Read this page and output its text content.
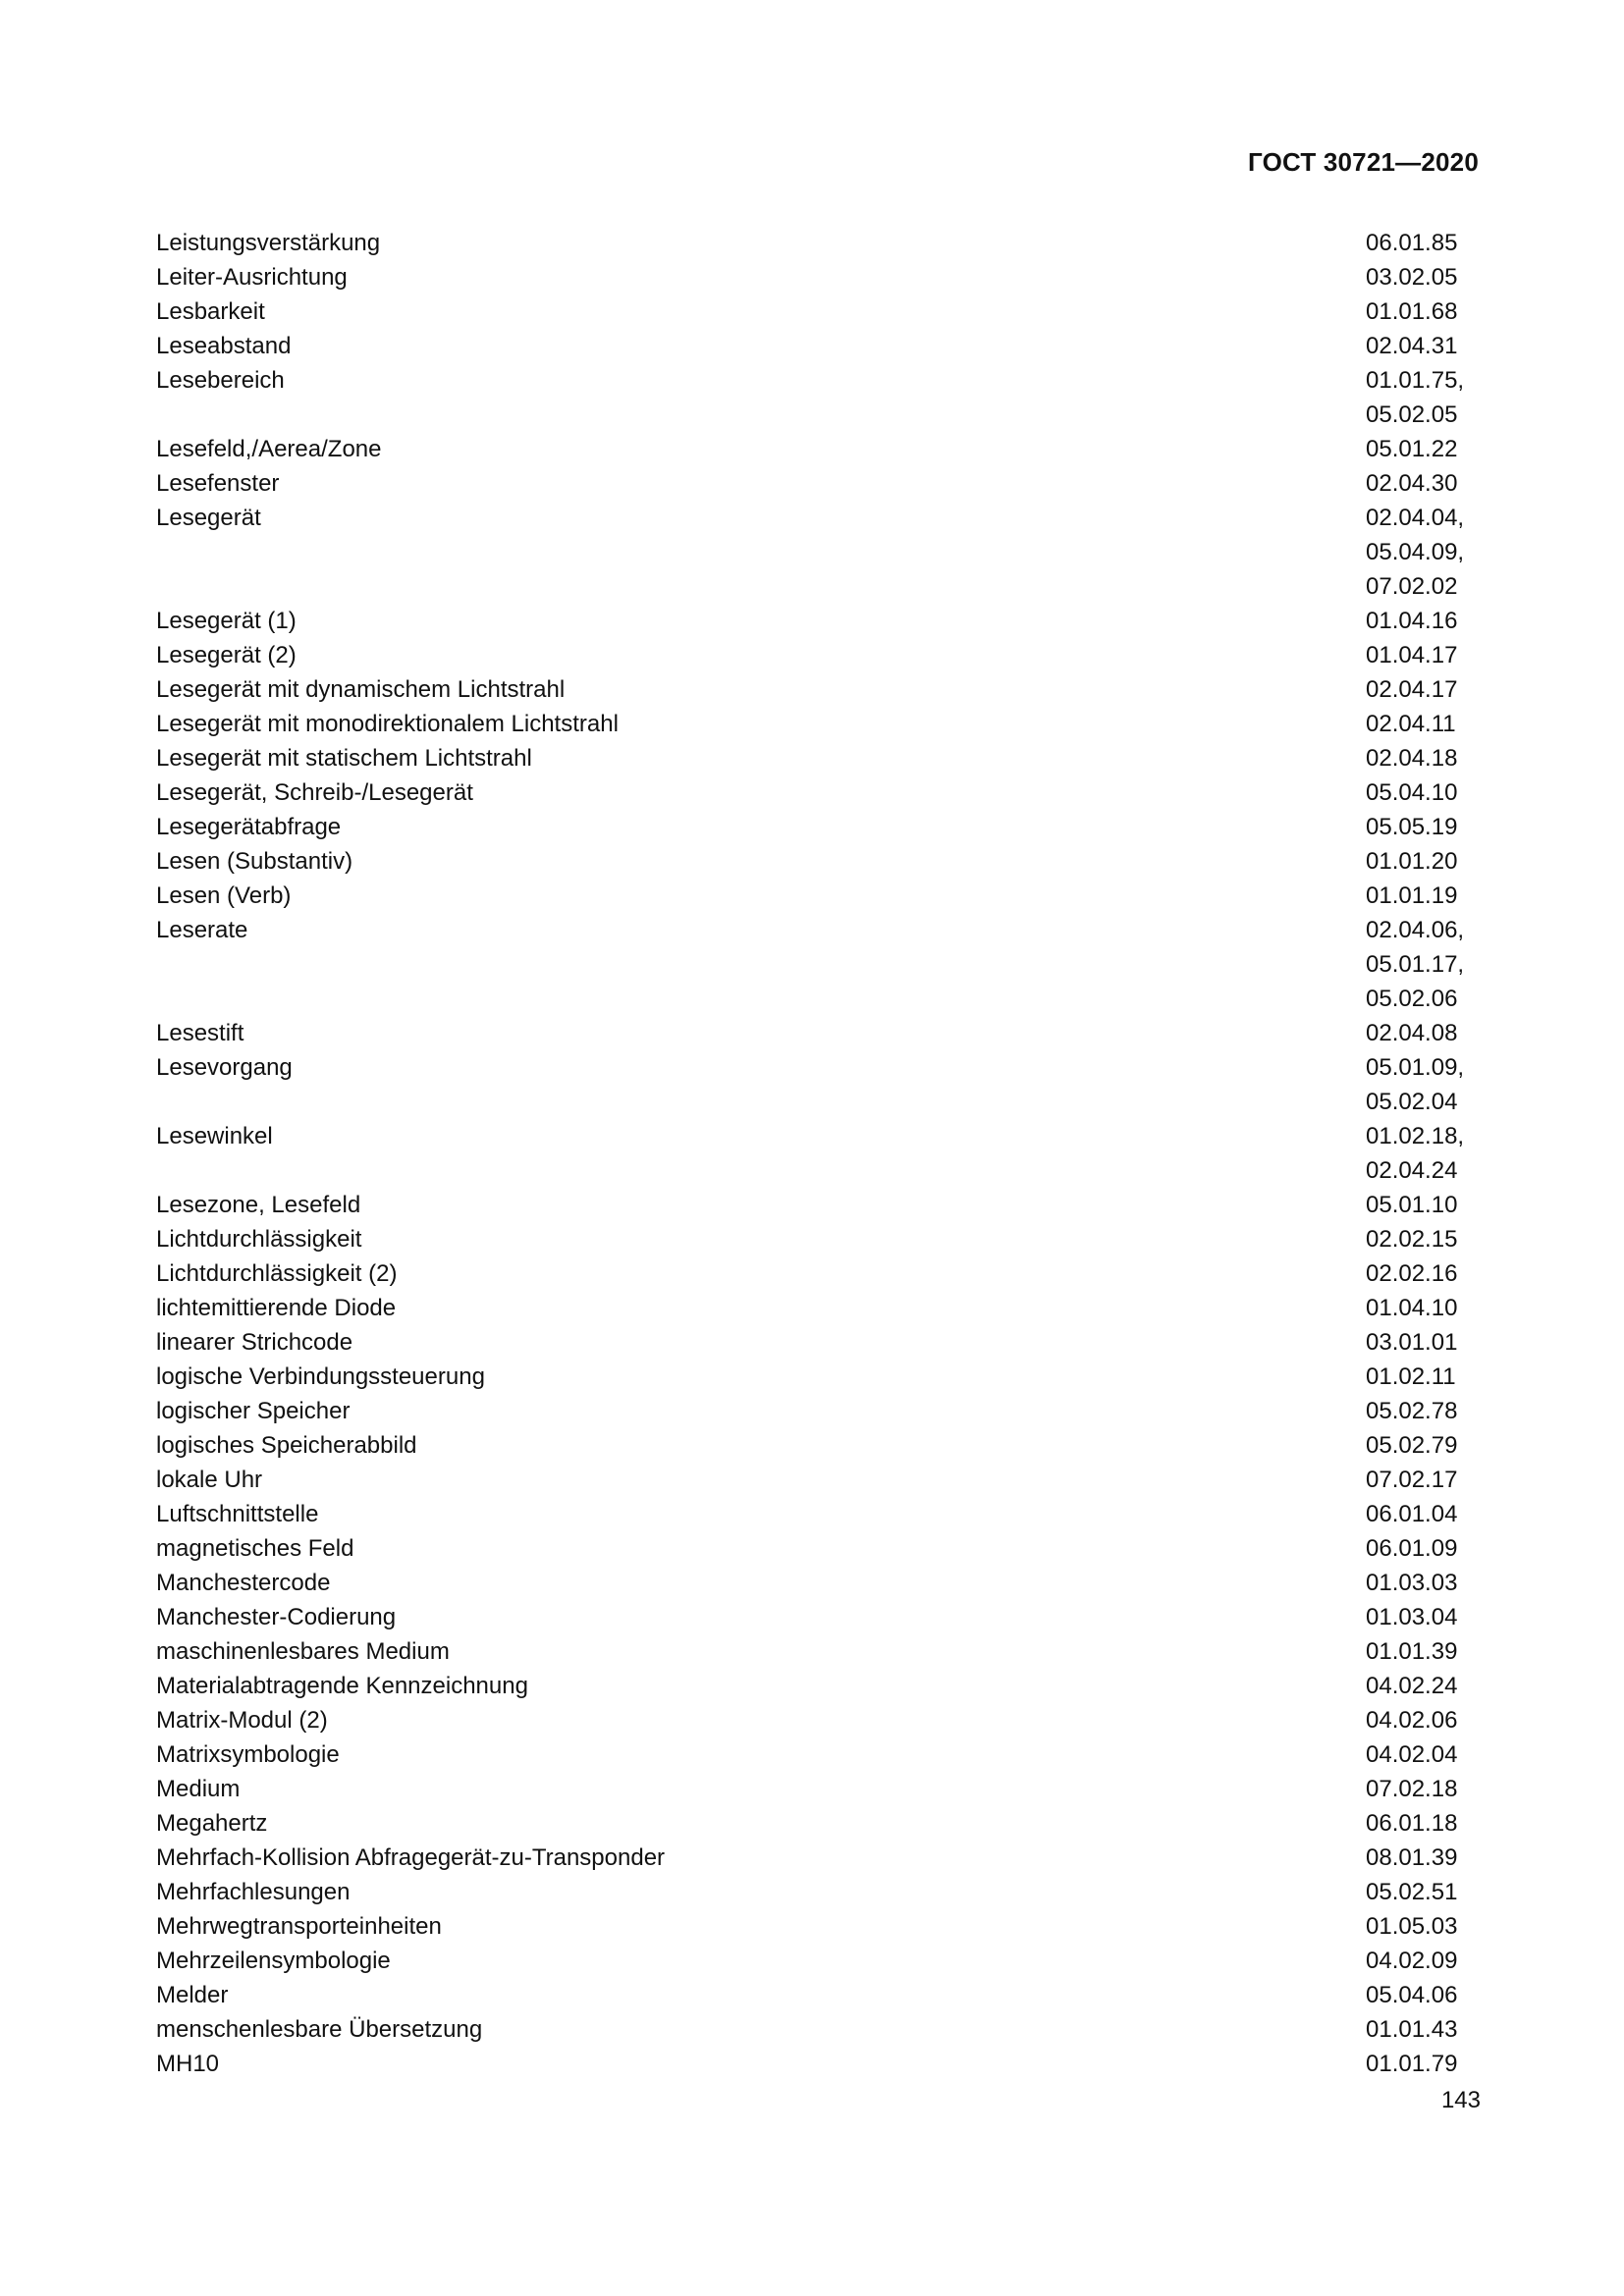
ГОСТ 30721—2020
Leistungsverstärkung	06.01.85
Leiter-Ausrichtung	03.02.05
Lesbarkeit	01.01.68
Leseabstand	02.04.31
Lesebereich	01.01.75,
05.02.05
Lesefeld,/Aerea/Zone	05.01.22
Lesefenster	02.04.30
Lesegerät	02.04.04,
05.04.09,
07.02.02
Lesegerät (1)	01.04.16
Lesegerät (2)	01.04.17
Lesegerät mit dynamischem Lichtstrahl	02.04.17
Lesegerät mit monodirektionalem Lichtstrahl	02.04.11
Lesegerät mit statischem Lichtstrahl	02.04.18
Lesegerät, Schreib-/Lesegerät	05.04.10
Lesegerätabfrage	05.05.19
Lesen (Substantiv)	01.01.20
Lesen (Verb)	01.01.19
Leserate	02.04.06,
05.01.17,
05.02.06
Lesestift	02.04.08
Lesevorgang	05.01.09,
05.02.04
Lesewinkel	01.02.18,
02.04.24
Lesezone, Lesefeld	05.01.10
Lichtdurchlässigkeit	02.02.15
Lichtdurchlässigkeit (2)	02.02.16
lichtemittierende Diode	01.04.10
linearer Strichcode	03.01.01
logische Verbindungssteuerung	01.02.11
logischer Speicher	05.02.78
logisches Speicherabbild	05.02.79
lokale Uhr	07.02.17
Luftschnittstelle	06.01.04
magnetisches Feld	06.01.09
Manchestercode	01.03.03
Manchester-Codierung	01.03.04
maschinenlesbares Medium	01.01.39
Materialabtragende Kennzeichnung	04.02.24
Matrix-Modul (2)	04.02.06
Matrixsymbologie	04.02.04
Medium	07.02.18
Megahertz	06.01.18
Mehrfach-Kollision Abfragegerät-zu-Transponder	08.01.39
Mehrfachlesungen	05.02.51
Mehrwegtransporteinheiten	01.05.03
Mehrzeilensymbologie	04.02.09
Melder	05.04.06
menschenlesbare Übersetzung	01.01.43
MH10	01.01.79
143
